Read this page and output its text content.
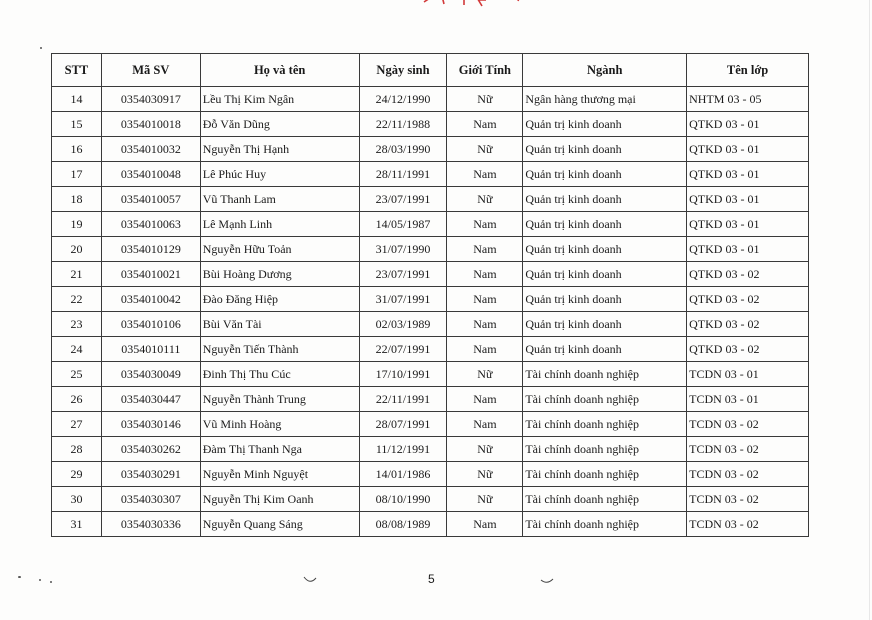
STT	Mã SV	Họ và tên	Ngày sinh	Giới Tính	Ngành	Tên lớp
14	0354030917	Lều Thị Kim Ngân	24/12/1990	Nữ	Ngân hàng thương mại	NHTM 03 - 05
15	0354010018	Đỗ Văn Dũng	22/11/1988	Nam	Quản trị kinh doanh	QTKD 03 - 01
16	0354010032	Nguyễn Thị Hạnh	28/03/1990	Nữ	Quản trị kinh doanh	QTKD 03 - 01
17	0354010048	Lê Phúc Huy	28/11/1991	Nam	Quản trị kinh doanh	QTKD 03 - 01
18	0354010057	Vũ Thanh Lam	23/07/1991	Nữ	Quản trị kinh doanh	QTKD 03 - 01
19	0354010063	Lê Mạnh Linh	14/05/1987	Nam	Quản trị kinh doanh	QTKD 03 - 01
20	0354010129	Nguyễn Hữu Toản	31/07/1990	Nam	Quản trị kinh doanh	QTKD 03 - 01
21	0354010021	Bùi Hoàng Dương	23/07/1991	Nam	Quản trị kinh doanh	QTKD 03 - 02
22	0354010042	Đào Đăng Hiệp	31/07/1991	Nam	Quản trị kinh doanh	QTKD 03 - 02
23	0354010106	Bùi Văn Tài	02/03/1989	Nam	Quản trị kinh doanh	QTKD 03 - 02
24	0354010111	Nguyễn Tiến Thành	22/07/1991	Nam	Quản trị kinh doanh	QTKD 03 - 02
25	0354030049	Đinh Thị Thu Cúc	17/10/1991	Nữ	Tài chính doanh nghiệp	TCDN 03 - 01
26	0354030447	Nguyễn Thành Trung	22/11/1991	Nam	Tài chính doanh nghiệp	TCDN 03 - 01
27	0354030146	Vũ Minh Hoàng	28/07/1991	Nam	Tài chính doanh nghiệp	TCDN 03 - 02
28	0354030262	Đàm Thị Thanh Nga	11/12/1991	Nữ	Tài chính doanh nghiệp	TCDN 03 - 02
29	0354030291	Nguyễn Minh Nguyệt	14/01/1986	Nữ	Tài chính doanh nghiệp	TCDN 03 - 02
30	0354030307	Nguyễn Thị Kim Oanh	08/10/1990	Nữ	Tài chính doanh nghiệp	TCDN 03 - 02
31	0354030336	Nguyễn Quang Sáng	08/08/1989	Nam	Tài chính doanh nghiệp	TCDN 03 - 02
5
